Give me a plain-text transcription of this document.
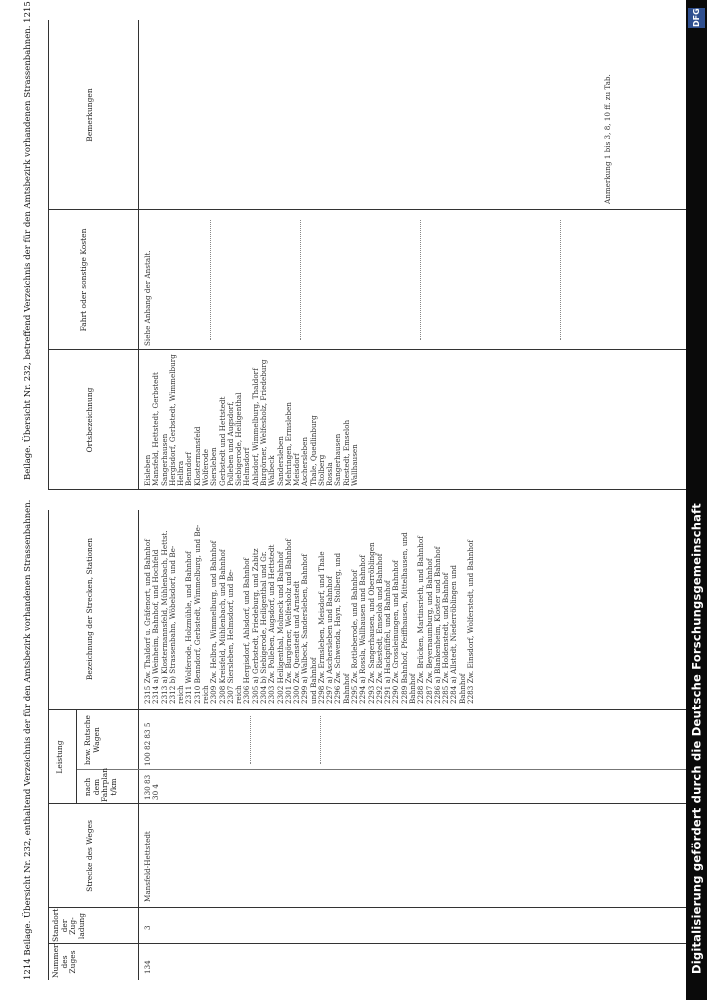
1214 Beilage. Übersicht Nr. 232, enthaltend Verzeichnis der für den Amtsbezirk vorhandenen Strassenbahnen.
Beilage. Übersicht Nr. 232, betreffend Verzeichnis der für den Amtsbezirk vorhandenen Strassenbahnen. 1215
Nummer des Zuges
Standort der Zug-ladung
Strecke des Weges
Leistung
nach dem Fahrplan t/km
bzw. Rutsche Wagen
Bezeichnung der Strecken, Stationen
134
3
Mansfeld-Hettstedt
130 83 30 4
100 82 83 5
2315 Zw. Thaldorf u. Gräfenort, und Bahnhof 2314 a) Weinheim, Bahnhof, und Hochfeld 2313 a) Klostermannsfeld, Mühlenbach, Hettst. 2312 b) Strassenbahn, Wöbelsdorf, und Be- reich 2311 Wolferode, Holzmühle, und Bahnhof 2310 Benndorf, Gerbstedt, Wimmelburg, und Be- reich 2309 Zw. Helbra, Wimmelburg, und Bahnhof 2308 Kreisfeld, Mühlenbach, und Bahnhof 2307 Siersleben, Helmsdorf, und Be- reich 2306 Hergisdorf, Ahlsdorf, und Bahnhof 2305 a) Gerbstedt, Friedeburg, und Zabitz 2304 b) Siebigerode, Heiligenthal und Gr. 2303 Zw. Polleben, Augsdorf, und Hettstedt 2302 Heiligenthal, Molmeck und Bahnhof 2301 Zw. Burgörner, Welfesholz und Bahnhof 2300 Zw. Quenstedt und Arnstedt 2299 a) Walbeck, Sandersleben, Bahnhof und Bahnhof 2298 Zw. Ermsleben, Meisdorf, und Thale 2297 a) Aschersleben und Bahnhof 2296 Zw. Schwenda, Hayn, Stolberg, und Bahnhof 2295 Zw. Rottleberode, und Bahnhof 2294 a) Rossla, Wallhausen und Bahnhof 2293 Zw. Sangerhausen, und Oberröblingen 2292 Zw. Riestedt, Emseloh und Bahnhof 2291 a) Hackpfüffel, und Bahnhof 2290 Zw. Grossleinungen, und Bahnhof 2289 Bahnhof, Pfeiffhausen, Mittelhausen, und Bahnhof 2288 Zw. Brücken, Martinsrieth, und Bahnhof 2287 Zw. Beyernaumburg, und Bahnhof 2286 a) Blankenheim, Kloster und Bahnhof 2285 Zw. Holdenstedt, und Bahnhof 2284 a) Allstedt, Niederröblingen und Bahnhof 2283 Zw. Einsdorf, Wolferstedt, und Bahnhof
Ortsbezeichnung
Fahrt oder sonstige Kosten
Bemerkungen
Eisleben Mansfeld, Hettstedt, Gerbstedt Sangerhausen Hergisdorf, Gerbstedt, Wimmelburg Helbra Benndorf Klostermansfeld Wolferode Siersleben Gerbstedt und Hettstedt Polleben und Augsdorf, Siebigerode, Heiligenthal Helmsdorf Ahlsdorf, Wimmelburg, Thaldorf Burgörner, Welfesholz, Friedeburg Walbeck Sandersleben Mehringen, Ermsleben Meisdorf Aschersleben Thale, Quedlinburg Stolberg Rossla Sangerhausen Riestedt, Emseloh Wallhausen
Siehe Anhang der Anstalt.
Anmerkung 1 bis 3, 8, 10 ff. zu Tab.
DFG
Digitalisierung gefördert durch die Deutsche Forschungsgemeinschaft
